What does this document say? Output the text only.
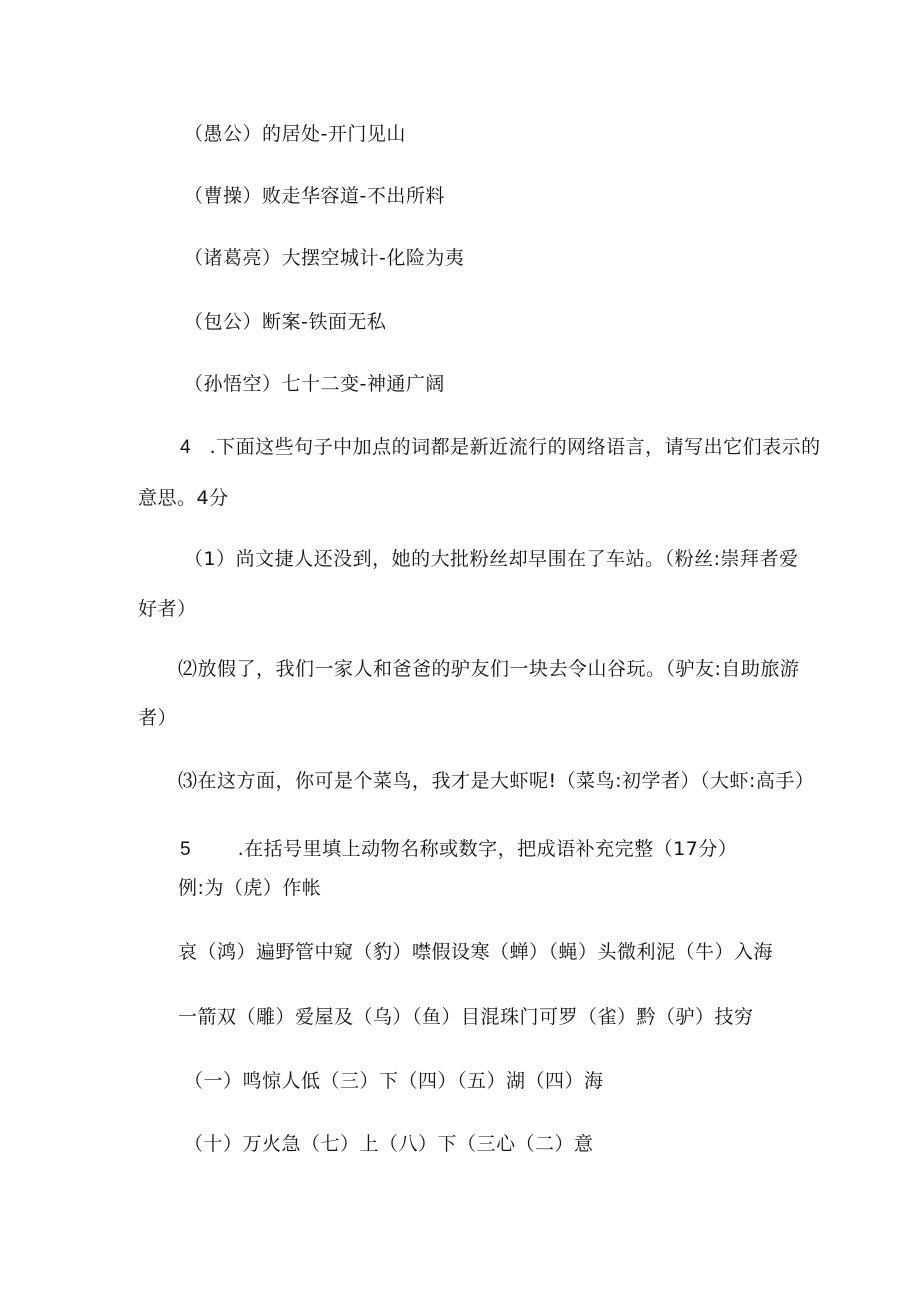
（愚公）的居处-开门见山
（曹操）败走华容道-不出所料
（诸葛亮）大摆空城计-化险为夷
（包公）断案-铁面无私
（孙悟空）七十二变-神通广阔
4 .下面这些句子中加点的词都是新近流行的网络语言，请写出它们表示的
意思。4分
（1）尚文捷人还没到，她的大批粉丝却早围在了车站。（粉丝:崇拜者爱
好者）
⑵放假了，我们一家人和爸爸的驴友们一块去令山谷玩。（驴友:自助旅游
者）
⑶在这方面，你可是个菜鸟，我才是大虾呢!（菜鸟:初学者）（大虾:高手）
5 .在括号里填上动物名称或数字，把成语补充完整（17分）
例:为（虎）作帐
哀（鸿）遍野管中窥（豹）噤假设寒（蝉）（蝇）头微利泥（牛）入海
一箭双（雕）爱屋及（乌）（鱼）目混珠门可罗（雀）黔（驴）技穷
（一）鸣惊人低（三）下（四）（五）湖（四）海
（十）万火急（七）上（八）下（三心（二）意
